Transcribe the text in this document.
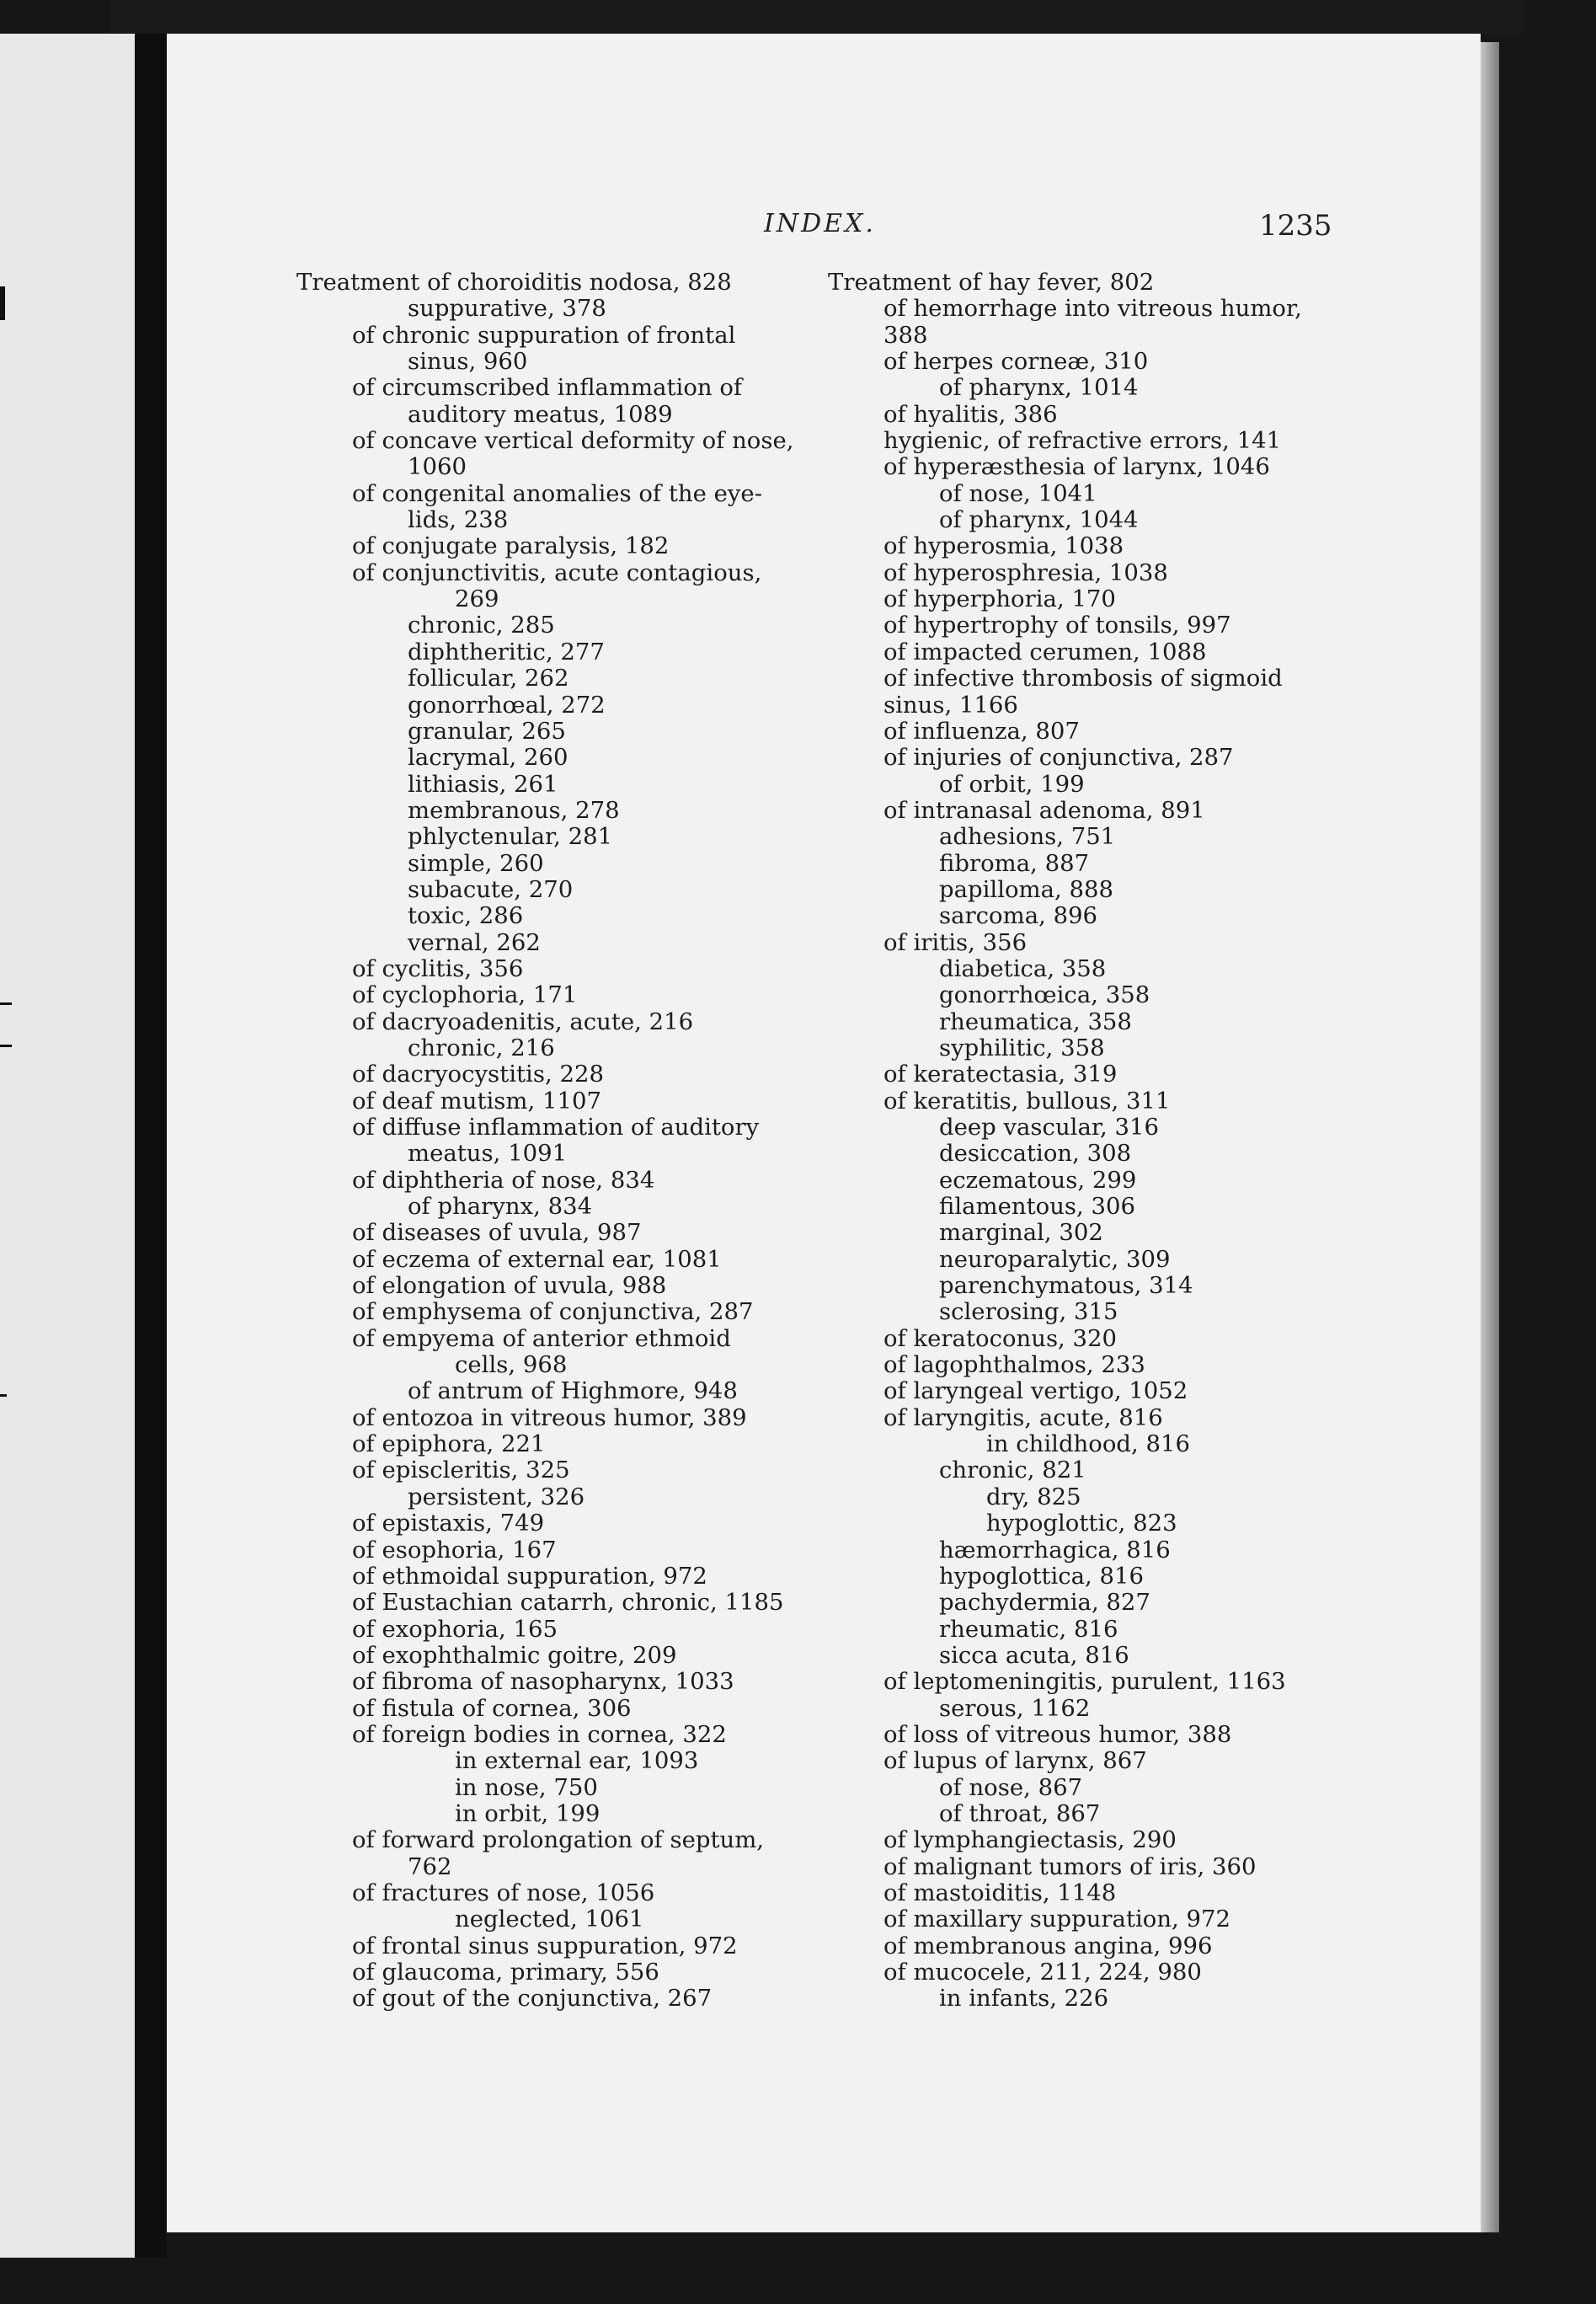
INDEX.	1235
Treatment of choroiditis nodosa, 828
suppurative, 378
of chronic suppuration of frontal
sinus, 960
of circumscribed inflammation of
auditory meatus, 1089
of concave vertical deformity of nose,
1060
of congenital anomalies of the eye-
lids, 238
of conjugate paralysis, 182
of conjunctivitis, acute contagious,
269
chronic, 285
diphtheritic, 277
follicular, 262
gonorrhœal, 272
granular, 265
lacrymal, 260
lithiasis, 261
membranous, 278
phlyctenular, 281
simple, 260
subacute, 270
toxic, 286
vernal, 262
of cyclitis, 356
of cyclophoria, 171
of dacryoadenitis, acute, 216
chronic, 216
of dacryocystitis, 228
of deaf mutism, 1107
of diffuse inflammation of auditory
meatus, 1091
of diphtheria of nose, 834
of pharynx, 834
of diseases of uvula, 987
of eczema of external ear, 1081
of elongation of uvula, 988
of emphysema of conjunctiva, 287
of empyema of anterior ethmoid
cells, 968
of antrum of Highmore, 948
of entozoa in vitreous humor, 389
of epiphora, 221
of episcleritis, 325
persistent, 326
of epistaxis, 749
of esophoria, 167
of ethmoidal suppuration, 972
of Eustachian catarrh, chronic, 1185
of exophoria, 165
of exophthalmic goitre, 209
of fibroma of nasopharynx, 1033
of fistula of cornea, 306
of foreign bodies in cornea, 322
in external ear, 1093
in nose, 750
in orbit, 199
of forward prolongation of septum,
762
of fractures of nose, 1056
neglected, 1061
of frontal sinus suppuration, 972
of glaucoma, primary, 556
of gout of the conjunctiva, 267
Treatment of hay fever, 802
of hemorrhage into vitreous humor,
388
of herpes corneæ, 310
of pharynx, 1014
of hyalitis, 386
hygienic, of refractive errors, 141
of hyperæsthesia of larynx, 1046
of nose, 1041
of pharynx, 1044
of hyperosmia, 1038
of hyperosphresia, 1038
of hyperphoria, 170
of hypertrophy of tonsils, 997
of impacted cerumen, 1088
of infective thrombosis of sigmoid
sinus, 1166
of influenza, 807
of injuries of conjunctiva, 287
of orbit, 199
of intranasal adenoma, 891
adhesions, 751
fibroma, 887
papilloma, 888
sarcoma, 896
of iritis, 356
diabetica, 358
gonorrhœica, 358
rheumatica, 358
syphilitic, 358
of keratectasia, 319
of keratitis, bullous, 311
deep vascular, 316
desiccation, 308
eczematous, 299
filamentous, 306
marginal, 302
neuroparalytic, 309
parenchymatous, 314
sclerosing, 315
of keratoconus, 320
of lagophthalmos, 233
of laryngeal vertigo, 1052
of laryngitis, acute, 816
in childhood, 816
chronic, 821
dry, 825
hypoglottic, 823
hæmorrhagica, 816
hypoglottica, 816
pachydermia, 827
rheumatic, 816
sicca acuta, 816
of leptomeningitis, purulent, 1163
serous, 1162
of loss of vitreous humor, 388
of lupus of larynx, 867
of nose, 867
of throat, 867
of lymphangiectasis, 290
of malignant tumors of iris, 360
of mastoiditis, 1148
of maxillary suppuration, 972
of membranous angina, 996
of mucocele, 211, 224, 980
in infants, 226
